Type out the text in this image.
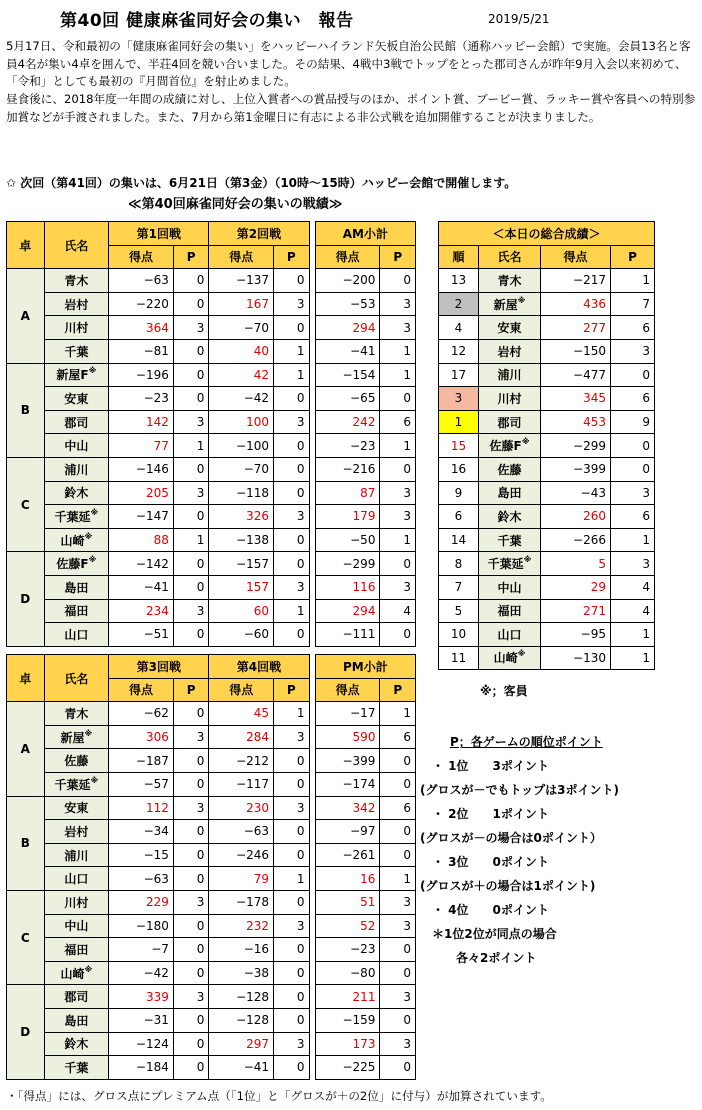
第40回 健康麻雀同好会の集い　報告	2019/5/21

5月17日、令和最初の「健康麻雀同好会の集い」をハッピーハイランド矢板自治公民館（通称ハッピー会館）で実施。会員13名と客員4名が集い4卓を囲んで、半荘4回を競い合いました。その結果、4戦中3戦でトップをとった郡司さんが昨年9月入会以来初めて、「令和」としても最初の『月間首位』を射止めました。

昼食後に、2018年度一年間の成績に対し、上位入賞者への賞品授与のほか、ポイント賞、ブービー賞、ラッキー賞や客員への特別参加賞などが手渡されました。また、7月から第1金曜日に有志による非公式戦を追加開催することが決まりました。

✩ 次回（第41回）の集いは、6月21日（第3金）（10時～15時）ハッピー会館で開催します。
≪第40回麻雀同好会の集いの戦績≫
卓	氏名	第1回戦		第2回戦			AM小計	
		得点	P	得点	P		得点	P
A	青木	−63	0	−137	0		−200	0
	岩村	−220	0	167	3		−53	3
	川村	364	3	−70	0		294	3
	千葉	−81	0	40	1		−41	1
B	新屋F※	−196	0	42	1		−154	1
	安東	−23	0	−42	0		−65	0
	郡司	142	3	100	3		242	6
	中山	77	1	−100	0		−23	1
C	浦川	−146	0	−70	0		−216	0
	鈴木	205	3	−118	0		87	3
	千葉延※	−147	0	326	3		179	3
	山崎※	88	1	−138	0		−50	1
D	佐藤F※	−142	0	−157	0		−299	0
	島田	−41	0	157	3		116	3
	福田	234	3	60	1		294	4
	山口	−51	0	−60	0		−111	0
卓	氏名	第3回戦		第4回戦			PM小計	
		得点	P	得点	P		得点	P
A	青木	−62	0	45	1		−17	1
	新屋※	306	3	284	3		590	6
	佐藤	−187	0	−212	0		−399	0
	千葉延※	−57	0	−117	0		−174	0
B	安東	112	3	230	3		342	6
	岩村	−34	0	−63	0		−97	0
	浦川	−15	0	−246	0		−261	0
	山口	−63	0	79	1		16	1
C	川村	229	3	−178	0		51	3
	中山	−180	0	232	3		52	3
	福田	−7	0	−16	0		−23	0
	山崎※	−42	0	−38	0		−80	0
D	郡司	339	3	−128	0		211	3
	島田	−31	0	−128	0		−159	0
	鈴木	−124	0	297	3		173	3
	千葉	−184	0	−41	0		−225	0
＜本日の総合成績＞			
順	氏名	得点	P
13	青木	−217	1
2	新屋※	436	7
4	安東	277	6
12	岩村	−150	3
17	浦川	−477	0
3	川村	345	6
1	郡司	453	9
15	佐藤F※	−299	0
16	佐藤	−399	0
9	島田	−43	3
6	鈴木	260	6
14	千葉	−266	1
8	千葉延※	5	3
7	中山	29	4
5	福田	271	4
10	山口	−95	1
11	山崎※	−130	1
※；客員
P；各ゲームの順位ポイント
　・ 1位　　3ポイント
(グロスが－でもトップは3ポイント)
　・ 2位　　1ポイント
(グロスが－の場合は0ポイント）
　・ 3位　　0ポイント
(グロスが＋の場合は1ポイント)
　・ 4位　　0ポイント
　＊1位2位が同点の場合
　　　各々2ポイント
・「得点」には、グロス点にプレミアム点（「1位」と「グロスが＋の2位」に付与）が加算されています。
